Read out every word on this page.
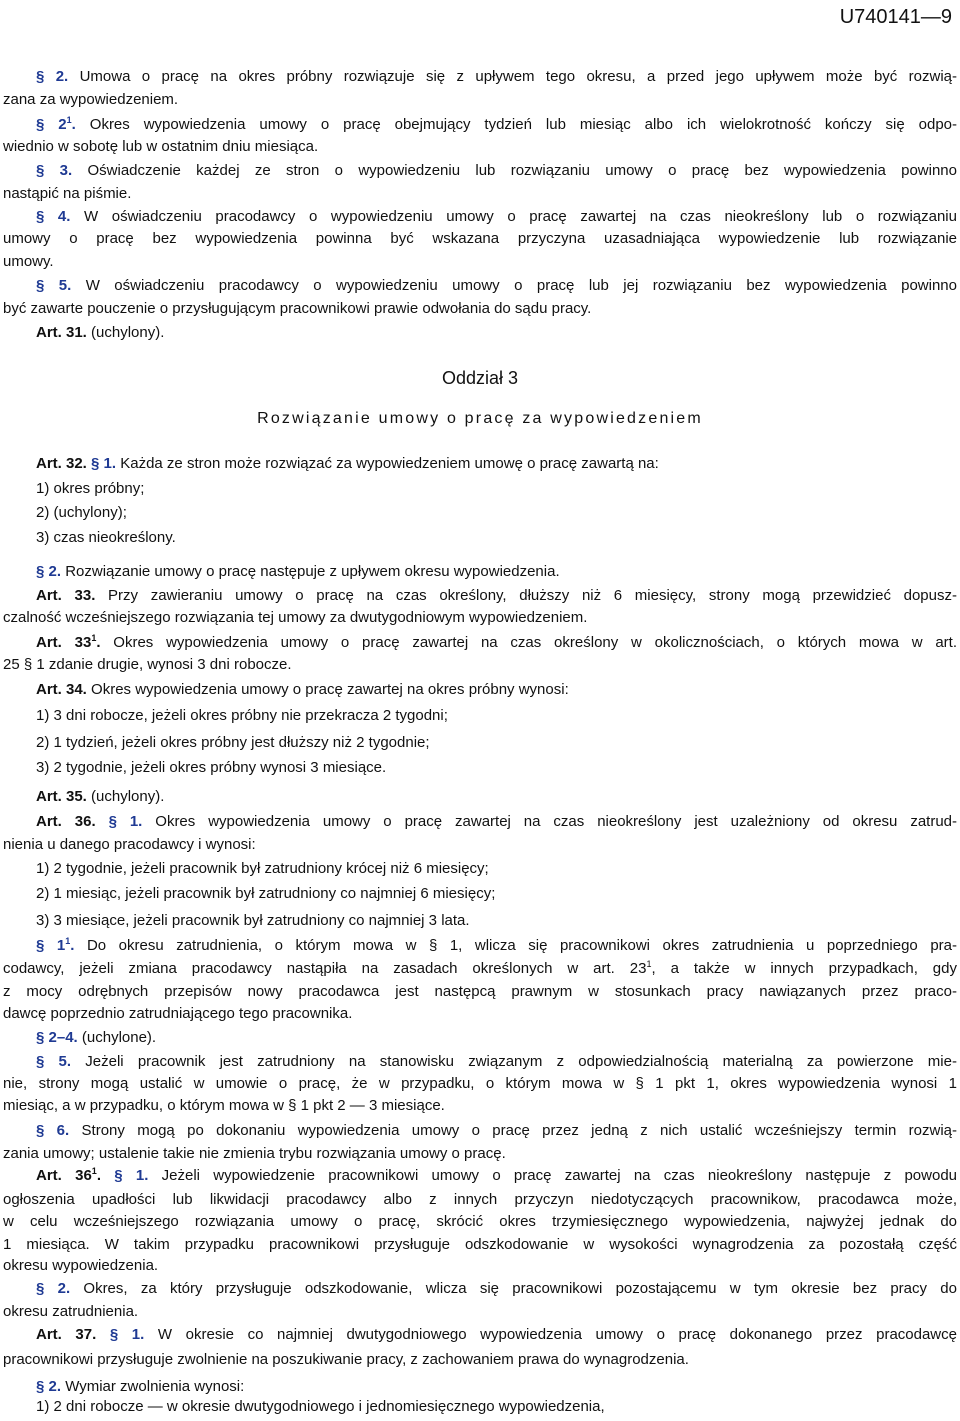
U740141—9
§ 2. Umowa o pracę na okres próbny rozwiązuje się z upływem tego okresu, a przed jego upływem może być rozwią-
zana za wypowiedzeniem.
§ $2^1$. Okres wypowiedzenia umowy o pracę obejmujący tydzień lub miesiąc albo ich wielokrotność kończy się odpo-
wiednio w sobotę lub w ostatnim dniu miesiąca.
§ 3. Oświadczenie każdej ze stron o wypowiedzeniu lub rozwiązaniu umowy o pracę bez wypowiedzenia powinno
nastąpić na piśmie.
§ 4. W oświadczeniu pracodawcy o wypowiedzeniu umowy o pracę zawartej na czas nieokreślony lub o rozwiązaniu
umowy o pracę bez wypowiedzenia powinna być wskazana przyczyna uzasadniająca wypowiedzenie lub rozwiązanie
umowy.
§ 5. W oświadczeniu pracodawcy o wypowiedzeniu umowy o pracę lub jej rozwiązaniu bez wypowiedzenia powinno
być zawarte pouczenie o przysługującym pracownikowi prawie odwołania do sądu pracy.
Art. 31. (uchylony).
Oddział 3
Rozwiązanie umowy o pracę za wypowiedzeniem
Art. 32. § 1. Każda ze stron może rozwiązać za wypowiedzeniem umowę o pracę zawartą na:
1) okres próbny;
2) (uchylony);
3) czas nieokreślony.
§ 2. Rozwiązanie umowy o pracę następuje z upływem okresu wypowiedzenia.
Art. 33. Przy zawieraniu umowy o pracę na czas określony, dłuższy niż 6 miesięcy, strony mogą przewidzieć dopusz-
czalność wcześniejszego rozwiązania tej umowy za dwutygodniowym wypowiedzeniem.
Art. $33^1$. Okres wypowiedzenia umowy o pracę zawartej na czas określony w okolicznościach, o których mowa w art.
25 § 1 zdanie drugie, wynosi 3 dni robocze.
Art. 34. Okres wypowiedzenia umowy o pracę zawartej na okres próbny wynosi:
1) 3 dni robocze, jeżeli okres próbny nie przekracza 2 tygodni;
2) 1 tydzień, jeżeli okres próbny jest dłuższy niż 2 tygodnie;
3) 2 tygodnie, jeżeli okres próbny wynosi 3 miesiące.
Art. 35. (uchylony).
Art. 36. § 1. Okres wypowiedzenia umowy o pracę zawartej na czas nieokreślony jest uzależniony od okresu zatrud-
nienia u danego pracodawcy i wynosi:
1) 2 tygodnie, jeżeli pracownik był zatrudniony krócej niż 6 miesięcy;
2) 1 miesiąc, jeżeli pracownik był zatrudniony co najmniej 6 miesięcy;
3) 3 miesiące, jeżeli pracownik był zatrudniony co najmniej 3 lata.
§ $1^1$. Do okresu zatrudnienia, o którym mowa w § 1, wlicza się pracownikowi okres zatrudnienia u poprzedniego pra-
codawcy, jeżeli zmiana pracodawcy nastąpiła na zasadach określonych w art. $23^1$, a także w innych przypadkach, gdy
z mocy odrębnych przepisów nowy pracodawca jest następcą prawnym w stosunkach pracy nawiązanych przez praco-
dawcę poprzednio zatrudniającego tego pracownika.
§ 2–4. (uchylone).
§ 5. Jeżeli pracownik jest zatrudniony na stanowisku związanym z odpowiedzialnością materialną za powierzone mie-
nie, strony mogą ustalić w umowie o pracę, że w przypadku, o którym mowa w § 1 pkt 1, okres wypowiedzenia wynosi 1
miesiąc, a w przypadku, o którym mowa w § 1 pkt 2 — 3 miesiące.
§ 6. Strony mogą po dokonaniu wypowiedzenia umowy o pracę przez jedną z nich ustalić wcześniejszy termin rozwią-
zania umowy; ustalenie takie nie zmienia trybu rozwiązania umowy o pracę.
Art. $36^1$. § 1. Jeżeli wypowiedzenie pracownikowi umowy o pracę zawartej na czas nieokreślony następuje z powodu
ogłoszenia upadłości lub likwidacji pracodawcy albo z innych przyczyn niedotyczących pracownikow, pracodawca może,
w celu wcześniejszego rozwiązania umowy o pracę, skrócić okres trzymiesięcznego wypowiedzenia, najwyżej jednak do
1 miesiąca. W takim przypadku pracownikowi przysługuje odszkodowanie w wysokości wynagrodzenia za pozostałą część
okresu wypowiedzenia.
§ 2. Okres, za który przysługuje odszkodowanie, wlicza się pracownikowi pozostającemu w tym okresie bez pracy do
okresu zatrudnienia.
Art. 37. § 1. W okresie co najmniej dwutygodniowego wypowiedzenia umowy o pracę dokonanego przez pracodawcę
pracownikowi przysługuje zwolnienie na poszukiwanie pracy, z zachowaniem prawa do wynagrodzenia.
§ 2. Wymiar zwolnienia wynosi:
1) 2 dni robocze — w okresie dwutygodniowego i jednomiesięcznego wypowiedzenia,
